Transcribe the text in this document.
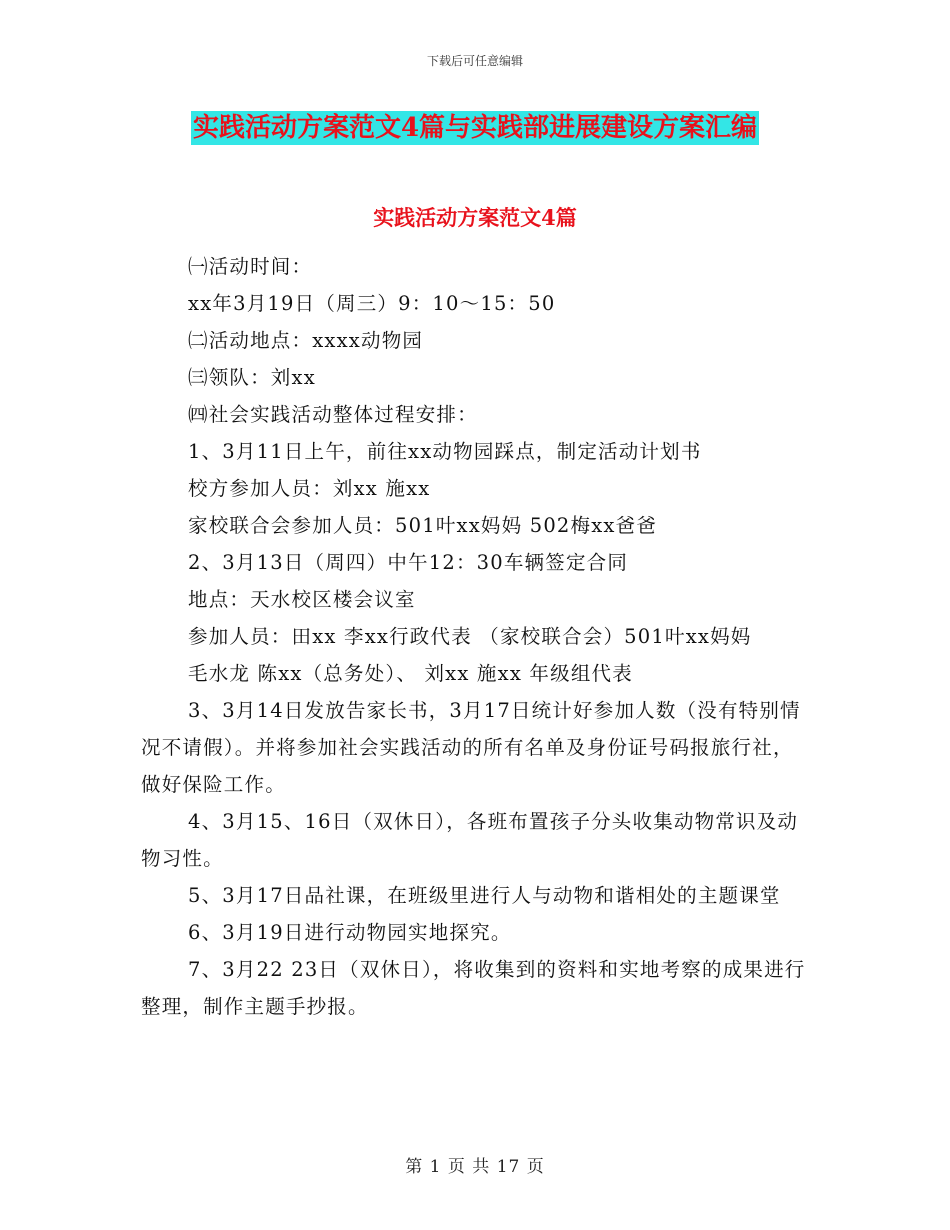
下载后可任意编辑
实践活动方案范文4篇与实践部进展建设方案汇编
实践活动方案范文4篇

㈠活动时间：

xx年3月19日（周三）9：10～15：50

㈡活动地点：xxxx动物园

㈢领队：刘xx

㈣社会实践活动整体过程安排：

1、3月11日上午，前往xx动物园踩点，制定活动计划书

校方参加人员：刘xx 施xx

家校联合会参加人员：501叶xx妈妈 502梅xx爸爸

2、3月13日（周四）中午12：30车辆签定合同

地点：天水校区楼会议室

参加人员：田xx 李xx行政代表 （家校联合会）501叶xx妈妈

毛水龙 陈xx（总务处）、 刘xx 施xx 年级组代表

3、3月14日发放告家长书，3月17日统计好参加人数（没有特别情况不请假）。并将参加社会实践活动的所有名单及身份证号码报旅行社，做好保险工作。

4、3月15、16日（双休日），各班布置孩子分头收集动物常识及动物习性。

5、3月17日品社课，在班级里进行人与动物和谐相处的主题课堂

6、3月19日进行动物园实地探究。

7、3月22 23日（双休日），将收集到的资料和实地考察的成果进行整理，制作主题手抄报。

第 1 页 共 17 页
